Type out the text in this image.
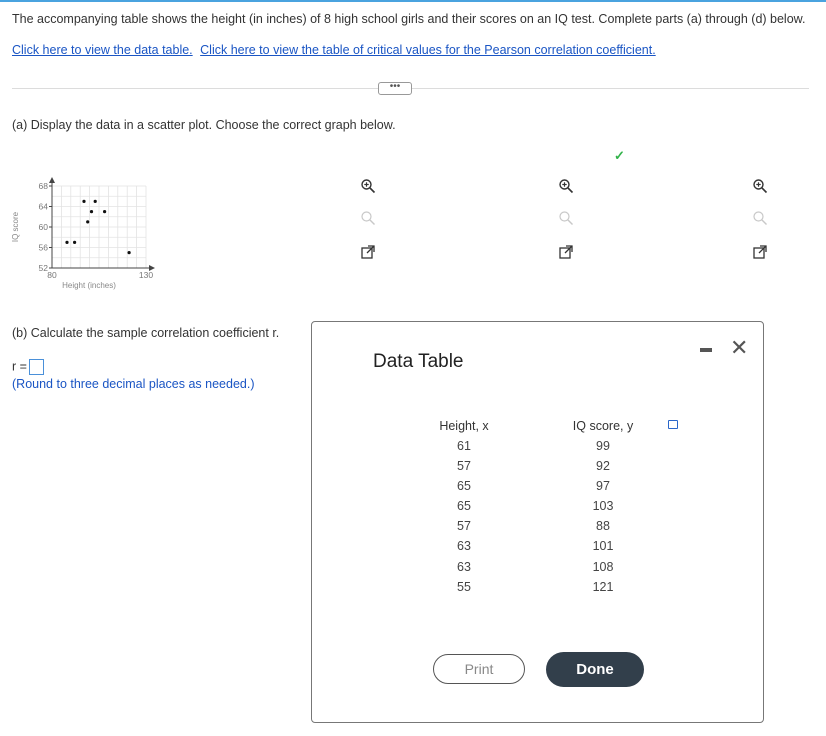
The accompanying table shows the height (in inches) of 8 high school girls and their scores on an IQ test. Complete parts (a) through (d) below.
Click here to view the data table. Click here to view the table of critical values for the Pearson correlation coefficient.
•••
(a) Display the data in a scatter plot. Choose the correct graph below.
✓
52
56
60
64
68
80	130
Height (inches)
IQ score
(b) Calculate the sample correlation coefficient r.
r =
(Round to three decimal places as needed.)
Data Table
✕
Height, x
61
57
65
65
57
63
63
55
IQ score, y
99
92
97
103
88
101
108
121
Print	Done
